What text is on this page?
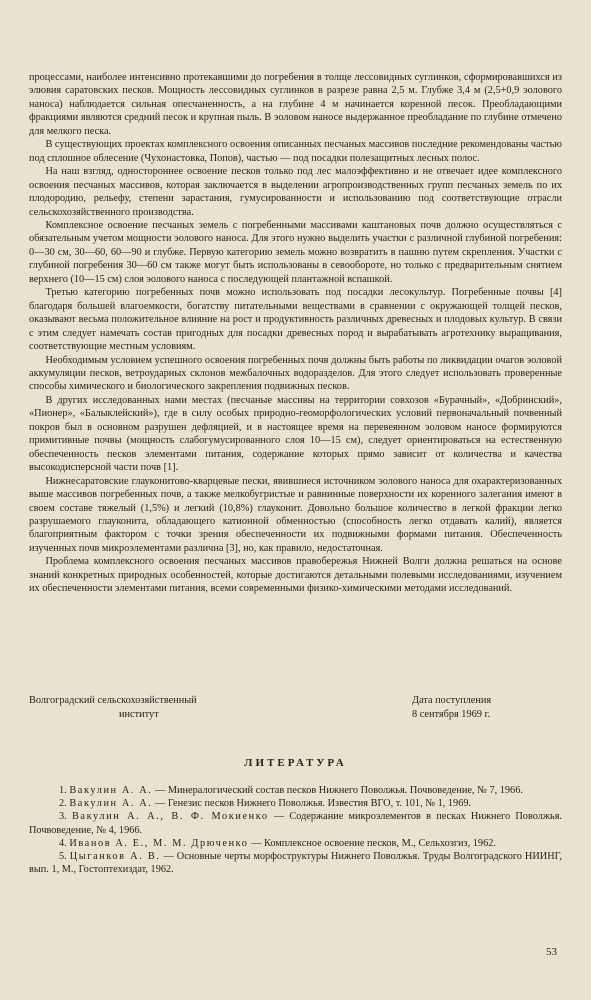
процессами, наиболее интенсивно протекавшими до погребения в толще лессовидных суглинков, сформировавшихся из элювия саратовских песков. Мощность лессовидных суглинков в разрезе равна 2,5 м. Глубже 3,4 м (2,5+0,9 эолового наноса) наблюдается сильная опесчаненность, а на глубине 4 м начинается коренной песок. Преобладающими фракциями являются средний песок и крупная пыль. В эоловом наносе выдержанное преобладание по глубине отмечено для мелкого песка.

В существующих проектах комплексного освоения описанных песчаных массивов последние рекомендованы частью под сплошное облесение (Чухонастовка, Попов), частью — под посадки полезащитных лесных полос.

На наш взгляд, одностороннее освоение песков только под лес малоэффективно и не отвечает идее комплексного освоения песчаных массивов, которая заключается в выделении агропроизводственных групп песчаных земель по их плодородию, рельефу, степени зарастания, гумусированности и использованию под соответствующие отрасли сельскохозяйственного производства.

Комплексное освоение песчаных земель с погребенными массивами каштановых почв должно осуществляться с обязательным учетом мощности эолового наноса. Для этого нужно выделить участки с различной глубиной погребения: 0—30 см, 30—60, 60—90 и глубже. Первую категорию земель можно возвратить в пашню путем скрепления. Участки с глубиной погребения 30—60 см также могут быть использованы в севообороте, но только с предварительным снятием верхнего (10—15 см) слоя эолового наноса с последующей плантажной вспашкой.

Третью категорию погребенных почв можно использовать под посадки лесокультур. Погребенные почвы [4] благодаря большей влагоемкости, богатству питательными веществами в сравнении с окружающей толщей песков, оказывают весьма положительное влияние на рост и продуктивность различных древесных и плодовых культур. В связи с этим следует намечать состав пригодных для посадки древесных пород и вырабатывать агротехнику выращивания, соответствующие местным условиям.

Необходимым условием успешного освоения погребенных почв должны быть работы по ликвидации очагов эоловой аккумуляции песков, ветроударных склонов межбалочных водоразделов. Для этого следует использовать проверенные способы химического и биологического закрепления подвижных песков.

В других исследованных нами местах (песчаные массивы на территории совхозов «Бурачный», «Добринский», «Пионер», «Балыклейский»), где в силу особых природно-геоморфологических условий первоначальный почвенный покров был в основном разрушен дефляцией, и в настоящее время на перевеянном эоловом наносе формируются примитивные почвы (мощность слабогумусированного слоя 10—15 см), следует ориентироваться на естественную обеспеченность песков элементами питания, содержание которых прямо зависит от количества и качества высокодисперсной части почв [1].

Нижнесаратовские глауконитово-кварцевые пески, явившиеся источником эолового наноса для охарактеризованных выше массивов погребенных почв, а также мелкобугристые и равнинные поверхности их коренного залегания имеют в своем составе тяжелый (1,5%) и легкий (10,8%) глауконит. Довольно большое количество в легкой фракции легко разрушаемого глауконита, обладающего катионной обменностью (способность легко отдавать калий), является благоприятным фактором с точки зрения обеспеченности их подвижными формами питания. Обеспеченность изученных почв микроэлементами различна [3], но, как правило, недостаточная.

Проблема комплексного освоения песчаных массивов правобережья Нижней Волги должна решаться на основе знаний конкретных природных особенностей, которые достигаются детальными полевыми исследованиями, изучением их обеспеченности элементами питания, всеми современными физико-химическими методами исследований.

Волгоградский сельскохозяйственный
институт
Дата поступления
8 сентября 1969 г.
ЛИТЕРАТУРА
1. Вакулин А. А. — Минералогический состав песков Нижнего Поволжья. Почвоведение, № 7, 1966.
2. Вакулин А. А. — Генезис песков Нижнего Поволжья. Известия ВГО, т. 101, № 1, 1969.
3. Вакулин А. А., В. Ф. Мокиенко — Содержание микроэлементов в песках Нижнего Поволжья. Почвоведение, № 4, 1966.
4. Иванов А. Е., М. М. Дрюченко — Комплексное освоение песков, М., Сельхозгиз, 1962.
5. Цыганков А. В. — Основные черты морфоструктуры Нижнего Поволжья. Труды Волгоградского НИИНГ, вып. 1, М., Гостоптехиздат, 1962.
53
